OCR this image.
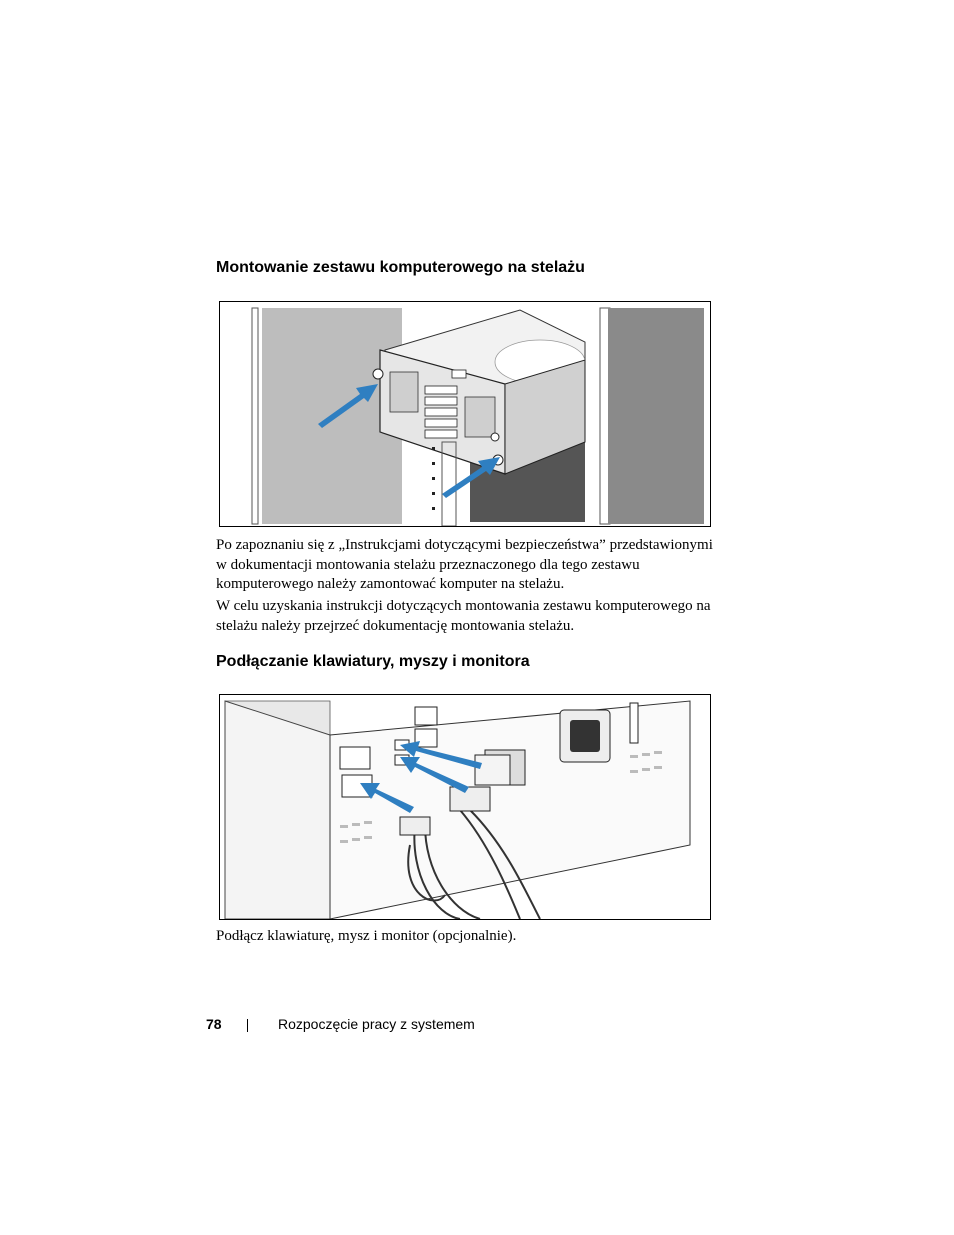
Montowanie zestawu komputerowego na stelażu

Po zapoznaniu się z „Instrukcjami dotyczącymi bezpieczeństwa” przedstawionymi w dokumentacji montowania stelażu przeznaczonego dla tego zestawu komputerowego należy zamontować komputer na stelażu.

W celu uzyskania instrukcji dotyczących montowania zestawu komputerowego na stelażu należy przejrzeć dokumentację montowania stelażu.

Podłączanie klawiatury, myszy i monitora

Podłącz klawiaturę, mysz i monitor (opcjonalnie).

78	Rozpoczęcie pracy z systemem
